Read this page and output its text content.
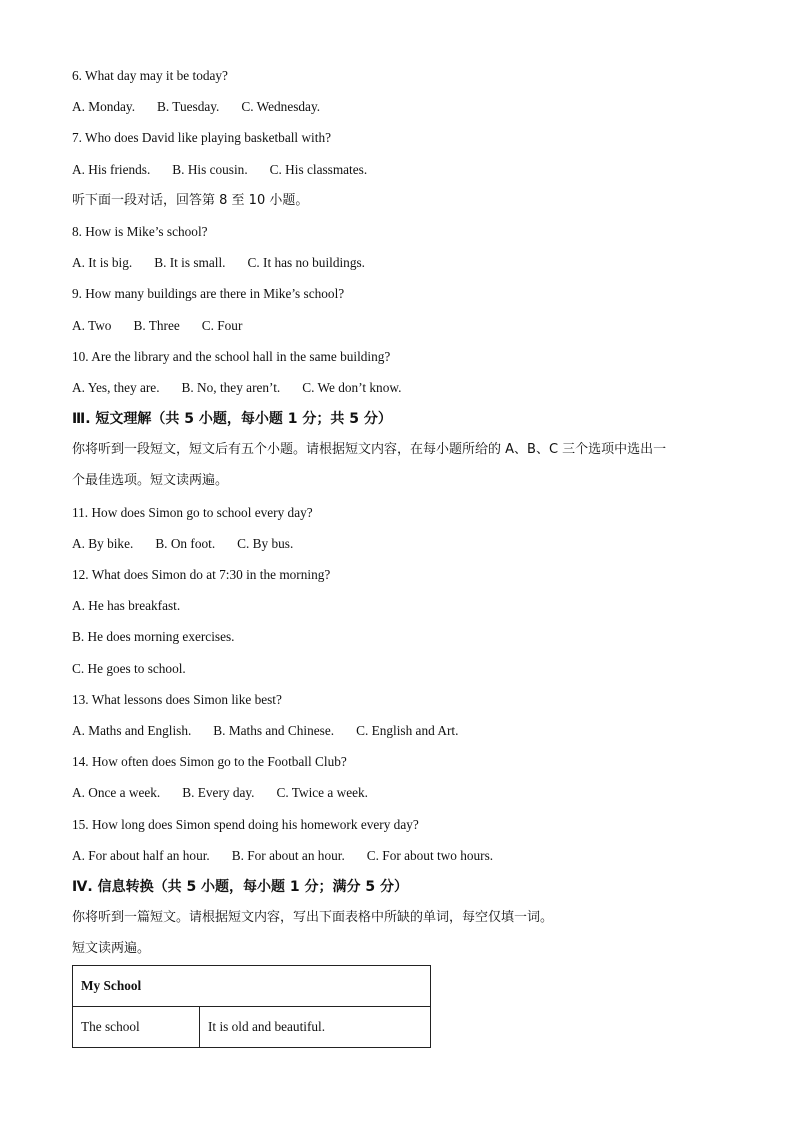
6. What day may it be today?
A. Monday. B. Tuesday. C. Wednesday.
7. Who does David like playing basketball with?
A. His friends. B. His cousin. C. His classmates.
听下面一段对话，回答第 8 至 10 小题。
8. How is Mike’s school?
A. It is big. B. It is small. C. It has no buildings.
9. How many buildings are there in Mike’s school?
A. Two B. Three C. Four
10. Are the library and the school hall in the same building?
A. Yes, they are. B. No, they aren’t. C. We don’t know.
Ⅲ. 短文理解（共 5 小题，每小题 1 分；共 5 分）
你将听到一段短文，短文后有五个小题。请根据短文内容，在每小题所给的 A、B、C 三个选项中选出一
个最佳选项。短文读两遍。
11. How does Simon go to school every day?
A. By bike. B. On foot. C. By bus.
12. What does Simon do at 7:30 in the morning?
A. He has breakfast.
B. He does morning exercises.
C. He goes to school.
13. What lessons does Simon like best?
A. Maths and English. B. Maths and Chinese. C. English and Art.
14. How often does Simon go to the Football Club?
A. Once a week. B. Every day. C. Twice a week.
15. How long does Simon spend doing his homework every day?
A. For about half an hour. B. For about an hour. C. For about two hours.
Ⅳ. 信息转换（共 5 小题，每小题 1 分；满分 5 分）
你将听到一篇短文。请根据短文内容，写出下面表格中所缺的单词，每空仅填一词。
短文读两遍。
My School
The school	It is old and beautiful.
